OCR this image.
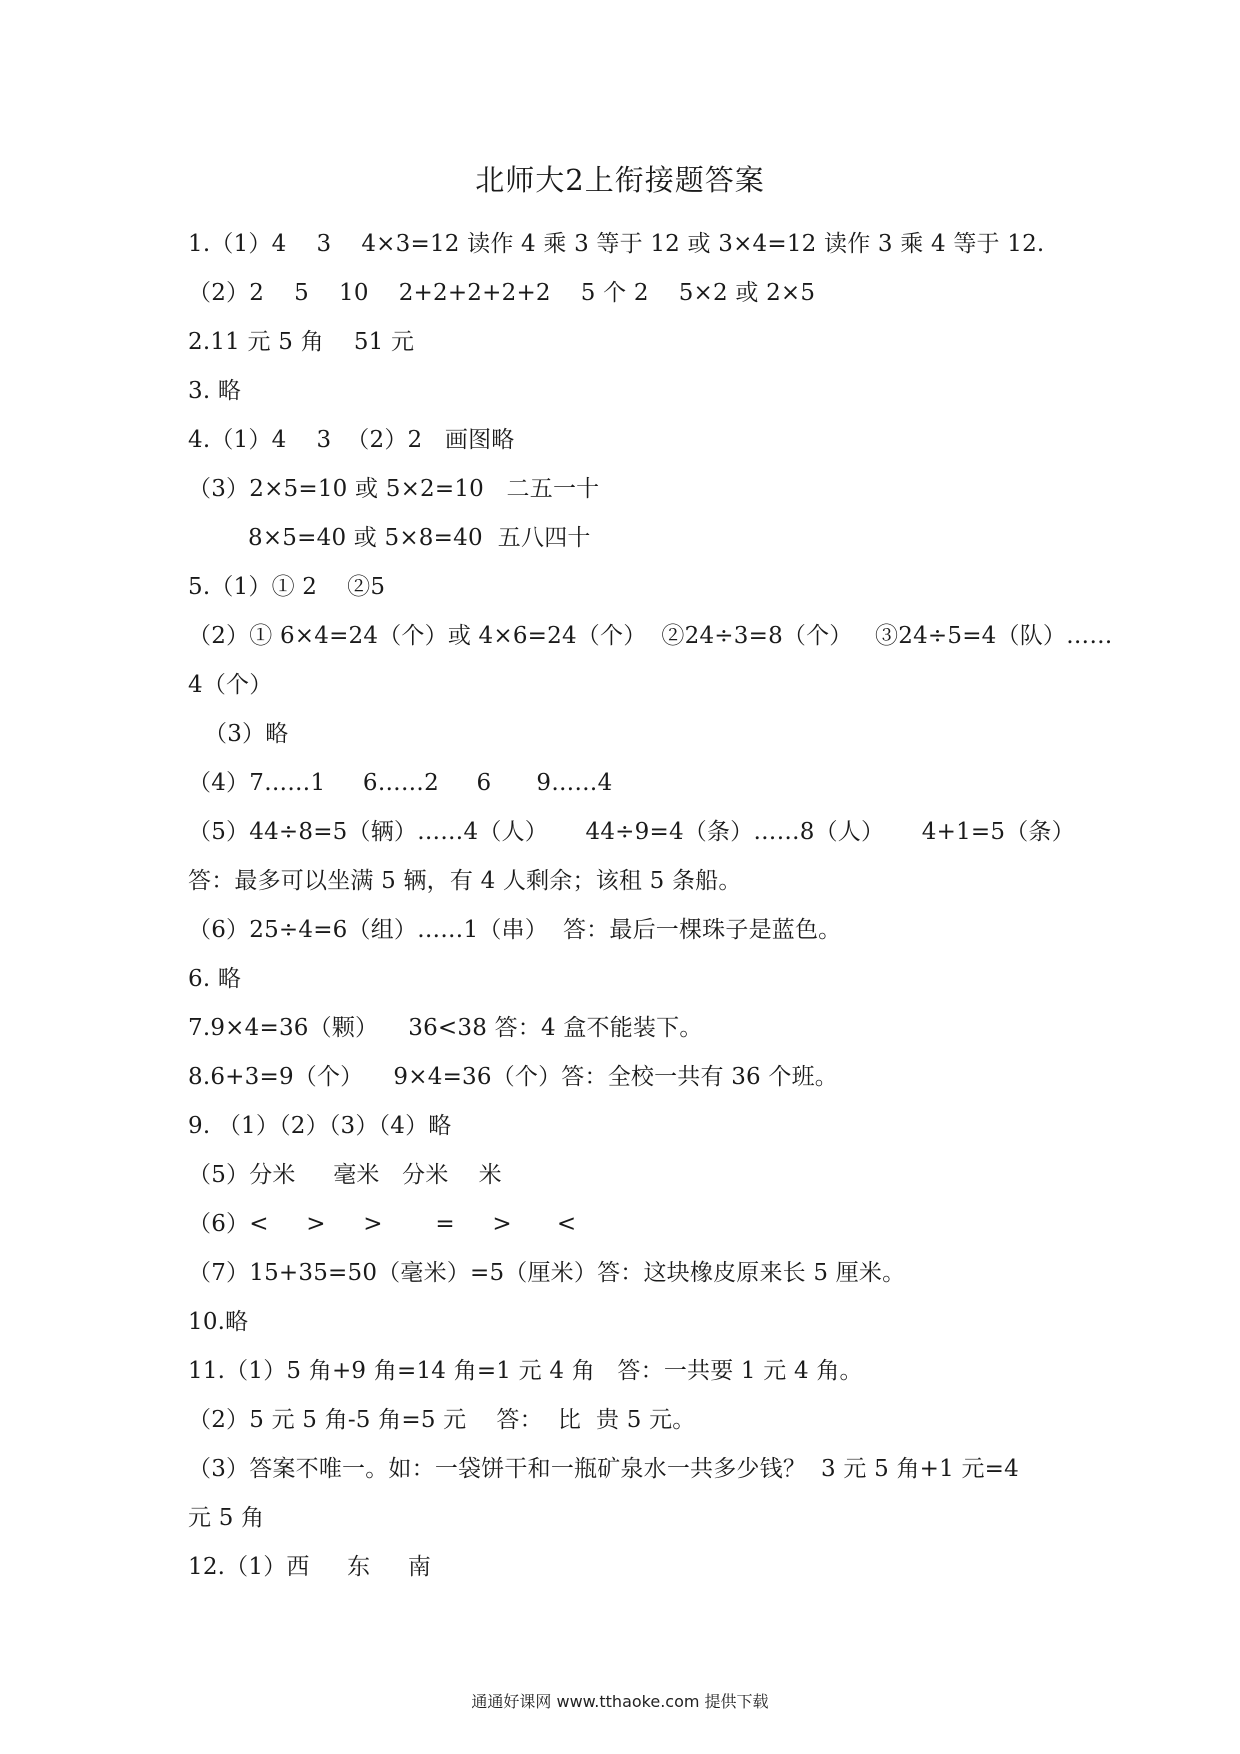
北师大2上衔接题答案
1.（1）4    3    4×3=12 读作 4 乘 3 等于 12 或 3×4=12 读作 3 乘 4 等于 12.
（2）2    5    10    2+2+2+2+2    5 个 2    5×2 或 2×5
2.11 元 5 角    51 元
3. 略
4.（1）4    3  （2）2   画图略
（3）2×5=10 或 5×2=10   二五一十
8×5=40 或 5×8=40  五八四十
5.（1）① 2    ②5
（2）① 6×4=24（个）或 4×6=24（个）  ②24÷3=8（个）   ③24÷5=4（队）……
4（个）
（3）略
（4）7……1     6……2     6      9……4
（5）44÷8=5（辆）……4（人）     44÷9=4（条）……8（人）     4+1=5（条）
答：最多可以坐满 5 辆，有 4 人剩余；该租 5 条船。
（6）25÷4=6（组）……1（串）  答：最后一棵珠子是蓝色。
6. 略
7.9×4=36（颗）    36<38 答：4 盒不能装下。
8.6+3=9（个）    9×4=36（个）答：全校一共有 36 个班。
9. （1）（2）（3）（4）略
（5）分米     毫米   分米    米
（6）<     >     >       =     >      <
（7）15+35=50（毫米）=5（厘米）答：这块橡皮原来长 5 厘米。
10.略
11.（1）5 角+9 角=14 角=1 元 4 角   答：一共要 1 元 4 角。
（2）5 元 5 角-5 角=5 元    答：  比  贵 5 元。
（3）答案不唯一。如：一袋饼干和一瓶矿泉水一共多少钱？  3 元 5 角+1 元=4
元 5 角
12.（1）西     东     南
通通好课网 www.tthaoke.com 提供下载
